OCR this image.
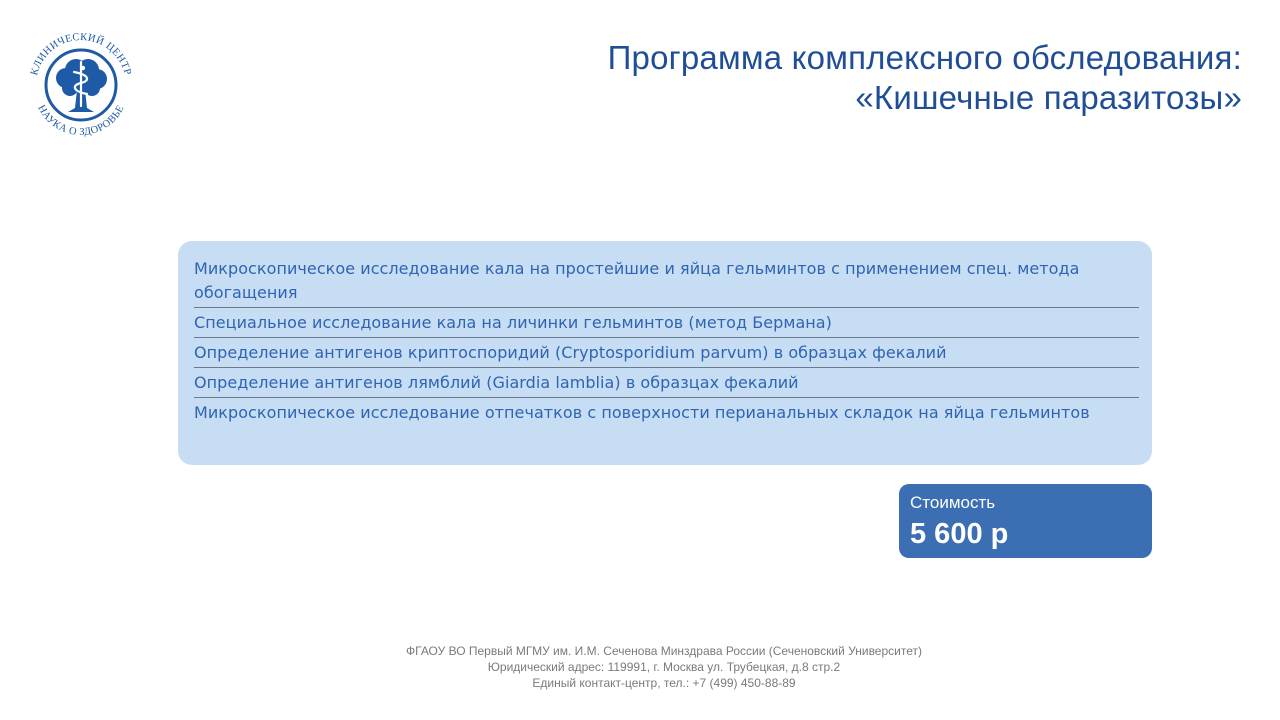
КЛИНИЧЕСКИЙ ЦЕНТР
НАУКА О ЗДОРОВЬЕ
Программа комплексного обследования:
«Кишечные паразитозы»
Микроскопическое исследование кала на простейшие и яйца гельминтов с применением спец. метода обогащения
Специальное исследование кала на личинки гельминтов (метод Бермана)
Определение антигенов криптоспоридий (Cryptosporidium parvum) в образцах фекалий
Определение антигенов лямблий (Giardia lamblia) в образцах фекалий
Микроскопическое исследование отпечатков с поверхности перианальных складок на яйца гельминтов
Стоимость
5 600 р
ФГАОУ ВО Первый МГМУ им. И.М. Сеченова Минздрава России (Сеченовский Университет)
Юридический адрес: 119991, г. Москва ул. Трубецкая, д.8 стр.2
Единый контакт-центр, тел.: +7 (499) 450-88-89
